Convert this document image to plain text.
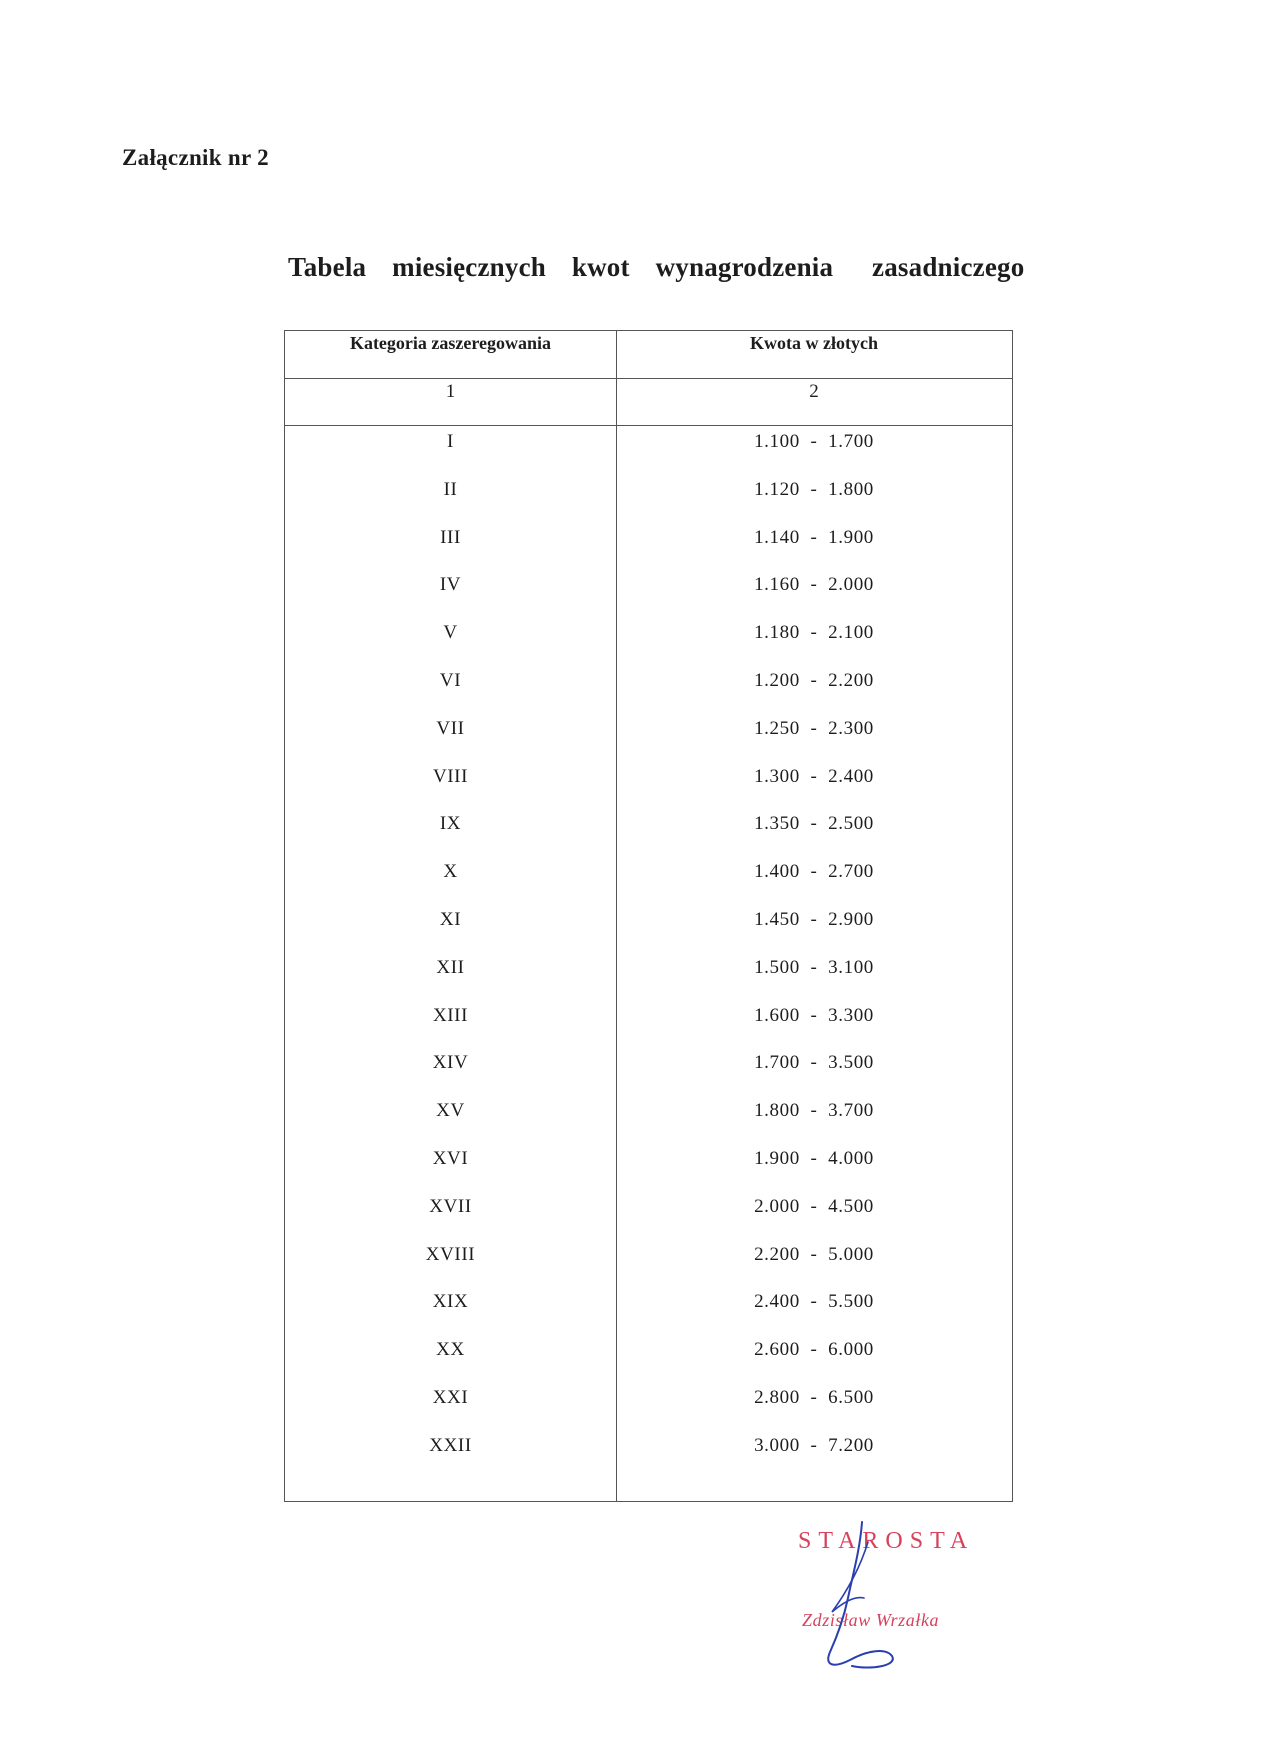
Załącznik nr 2
Tabela  miesięcznych  kwot  wynagrodzenia   zasadniczego
Kategoria zaszeregowania	Kwota w złotych
1	2
I	1.100  -  1.700
II	1.120  -  1.800
III	1.140  -  1.900
IV	1.160  -  2.000
V	1.180  -  2.100
VI	1.200  -  2.200
VII	1.250  -  2.300
VIII	1.300  -  2.400
IX	1.350  -  2.500
X	1.400  -  2.700
XI	1.450  -  2.900
XII	1.500  -  3.100
XIII	1.600  -  3.300
XIV	1.700  -  3.500
XV	1.800  -  3.700
XVI	1.900  -  4.000
XVII	2.000  -  4.500
XVIII	2.200  -  5.000
XIX	2.400  -  5.500
XX	2.600  -  6.000
XXI	2.800  -  6.500
XXII	3.000  -  7.200
STAROSTA
Zdzisław Wrzałka
